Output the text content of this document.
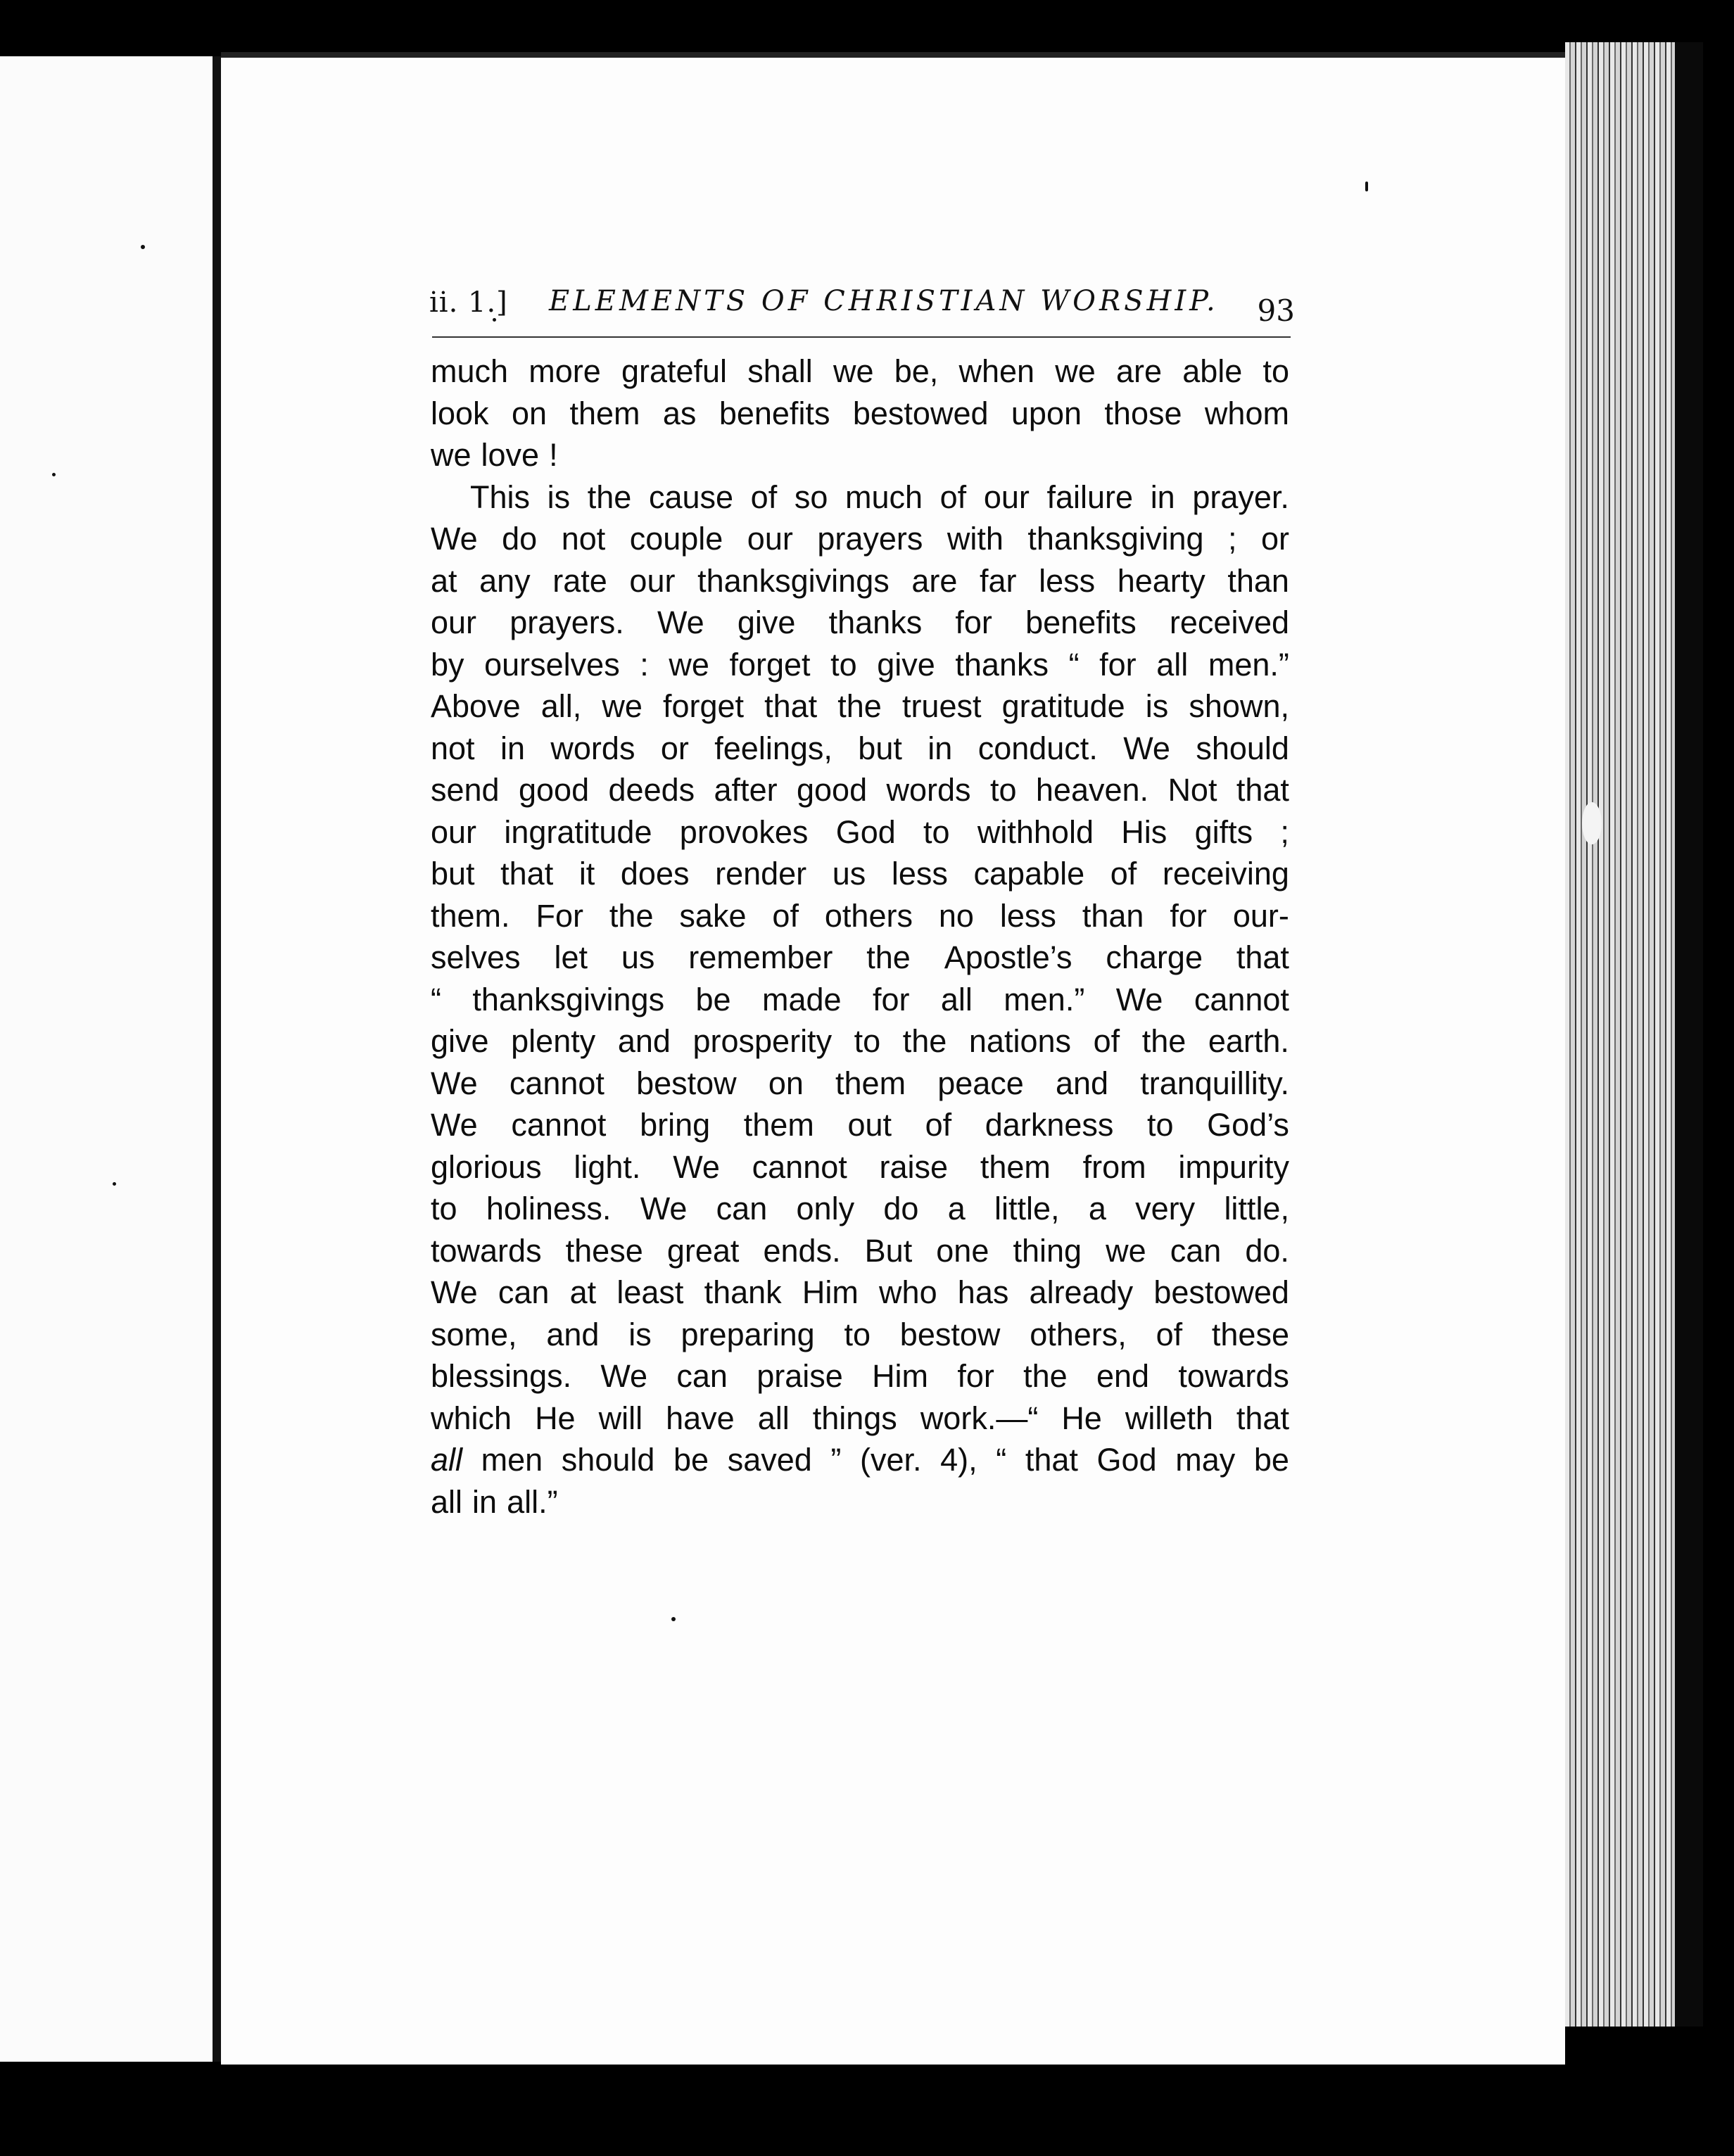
ii. 1.] ELEMENTS OF CHRISTIAN WORSHIP. 93
much more grateful shall we be, when we are able to
look on them as benefits bestowed upon those whom
we love !
This is the cause of so much of our failure in prayer.
We do not couple our prayers with thanksgiving ; or
at any rate our thanksgivings are far less hearty than
our prayers. We give thanks for benefits received
by ourselves : we forget to give thanks “ for all men.”
Above all, we forget that the truest gratitude is shown,
not in words or feelings, but in conduct. We should
send good deeds after good words to heaven. Not that
our ingratitude provokes God to withhold His gifts ;
but that it does render us less capable of receiving
them. For the sake of others no less than for our-
selves let us remember the Apostle’s charge that
“ thanksgivings be made for all men.” We cannot
give plenty and prosperity to the nations of the earth.
We cannot bestow on them peace and tranquillity.
We cannot bring them out of darkness to God’s
glorious light. We cannot raise them from impurity
to holiness. We can only do a little, a very little,
towards these great ends. But one thing we can do.
We can at least thank Him who has already bestowed
some, and is preparing to bestow others, of these
blessings. We can praise Him for the end towards
which He will have all things work.—“ He willeth that
all men should be saved ” (ver. 4), “ that God may be
all in all.”
